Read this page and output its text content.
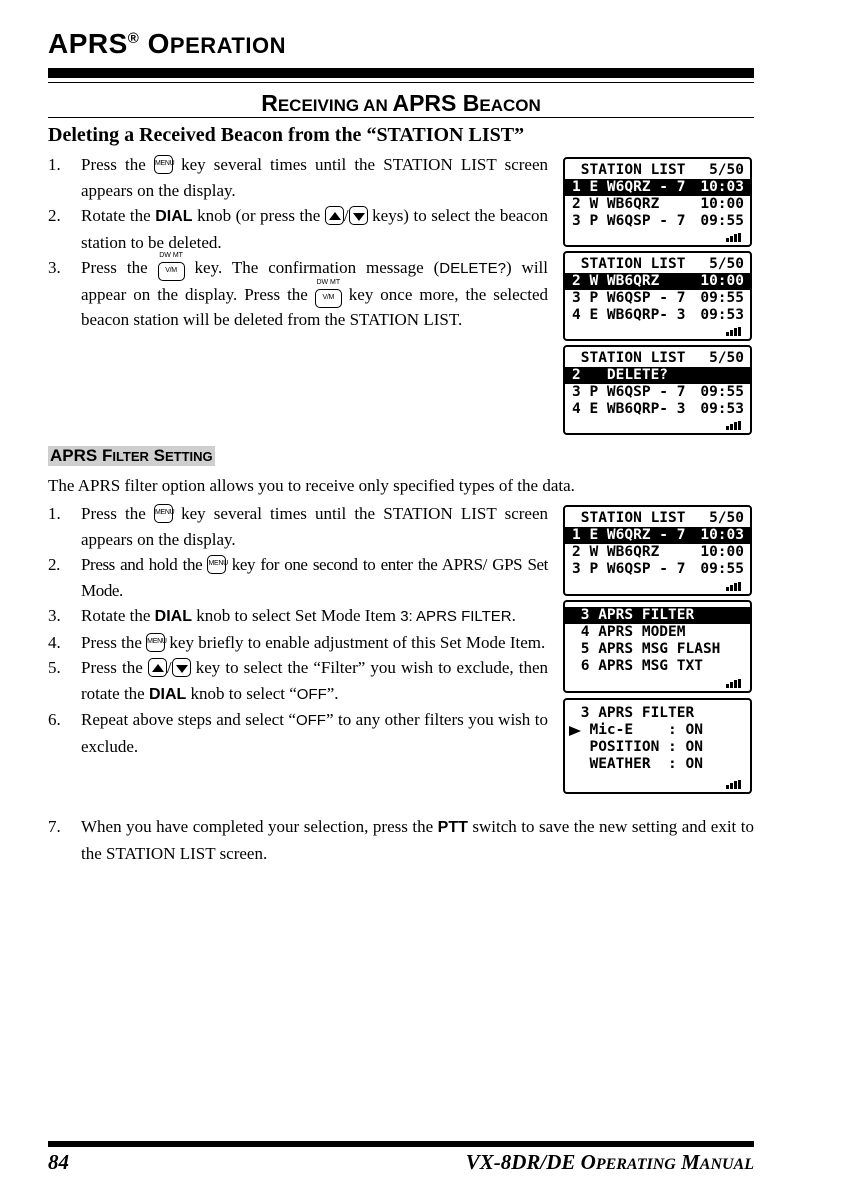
APRS® OPERATION
RECEIVING AN APRS BEACON
Deleting a Received Beacon from the “STATION LIST”
1. Press the MENU
key several times until the STATION LIST screen appears on the display.
2. Rotate the DIAL knob (or press the
/
keys) to select the beacon station to be deleted.
3. Press the
DW MT
V/M key. The confirmation message (DELETE?) will appear on the display. Press the
DW MT
V/M key once more, the selected beacon station will be deleted from the STATION LIST.
STATION LIST 5/50
1 E W6QRZ - 7 10:03
2 W WB6QRZ	10:00
3 P W6QSP - 7 09:55
STATION LIST 5/50
2 W WB6QRZ	10:00
3 P W6QSP - 7 09:55
4 E WB6QRP- 3 09:53
STATION LIST 5/50
2   DELETE?
3 P W6QSP - 7 09:55
4 E WB6QRP- 3 09:53
APRS FILTER SETTING
The APRS filter option allows you to receive only specified types of the data.
1. Press the MENU
key several times until the STATION LIST screen appears on the display.
2. Press and hold the MENU
key for one second to enter the APRS/ GPS Set Mode.
3. Rotate the DIAL knob to select Set Mode Item 3: APRS FILTER.
4. Press the MENU
key briefly to enable adjustment of this Set Mode Item.
5. Press the
/
key to select the “Filter” you wish to exclude, then rotate the DIAL knob to select “OFF”.
6. Repeat above steps and select “OFF” to any other filters you wish to exclude.
7. When you have completed your selection, press the PTT switch to save the new setting and exit to the STATION LIST screen.
STATION LIST 5/50
1 E W6QRZ - 7 10:03
2 W WB6QRZ	10:00
3 P W6QSP - 7 09:55
3 APRS FILTER
4 APRS MODEM
5 APRS MSG FLASH
6 APRS MSG TXT
3 APRS FILTER
Mic-E    : ON
POSITION : ON
WEATHER  : ON
84	VX-8DR/DE OPERATING MANUAL
